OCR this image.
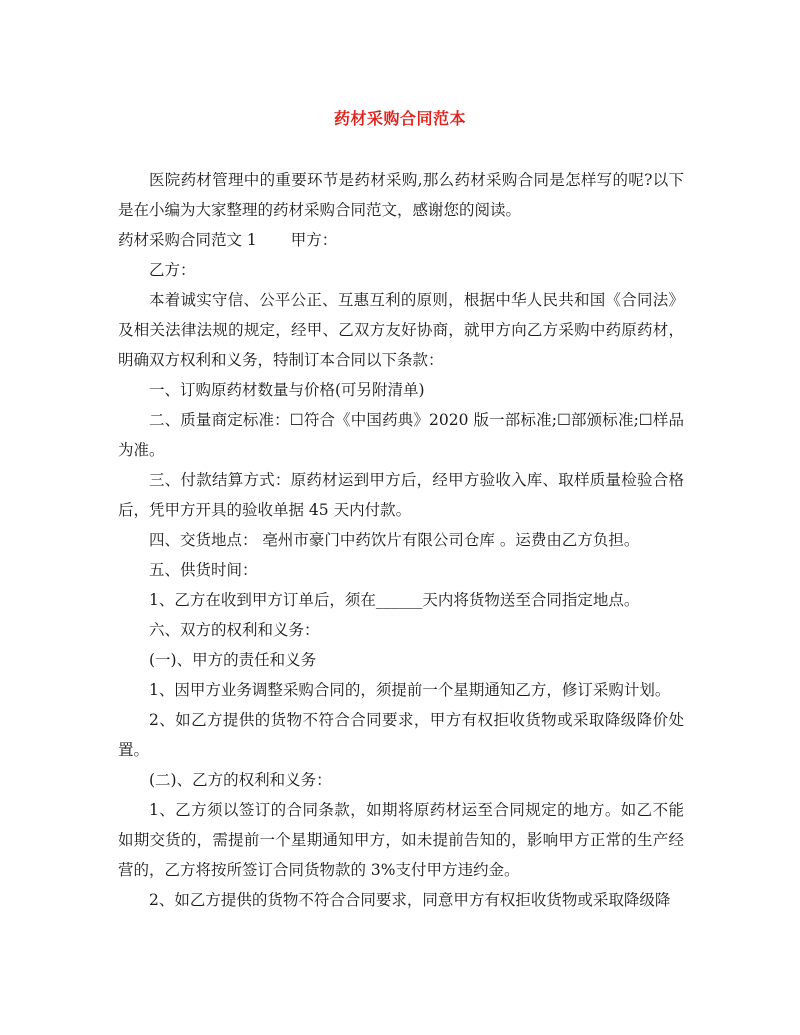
药材采购合同范本

医院药材管理中的重要环节是药材采购,那么药材采购合同是怎样写的呢?以下是在小编为大家整理的药材采购合同范文，感谢您的阅读。

药材采购合同范文 1 甲方：

乙方：

本着诚实守信、公平公正、互惠互利的原则，根据中华人民共和国《合同法》及相关法律法规的规定，经甲、乙双方友好协商，就甲方向乙方采购中药原药材，明确双方权利和义务，特制订本合同以下条款：

一、订购原药材数量与价格(可另附清单)

二、质量商定标准：☐符合《中国药典》2020 版一部标准;☐部颁标准;☐样品为准。

三、付款结算方式：原药材运到甲方后，经甲方验收入库、取样质量检验合格后，凭甲方开具的验收单据 45 天内付款。

四、交货地点： 亳州市豪门中药饮片有限公司仓库 。运费由乙方负担。

五、供货时间：

1、乙方在收到甲方订单后，须在______天内将货物送至合同指定地点。

六、双方的权利和义务：

(一)、甲方的责任和义务

1、因甲方业务调整采购合同的，须提前一个星期通知乙方，修订采购计划。

2、如乙方提供的货物不符合合同要求，甲方有权拒收货物或采取降级降价处置。

(二)、乙方的权利和义务：

1、乙方须以签订的合同条款，如期将原药材运至合同规定的地方。如乙不能如期交货的，需提前一个星期通知甲方，如未提前告知的，影响甲方正常的生产经营的，乙方将按所签订合同货物款的 3%支付甲方违约金。

2、如乙方提供的货物不符合合同要求，同意甲方有权拒收货物或采取降级降
